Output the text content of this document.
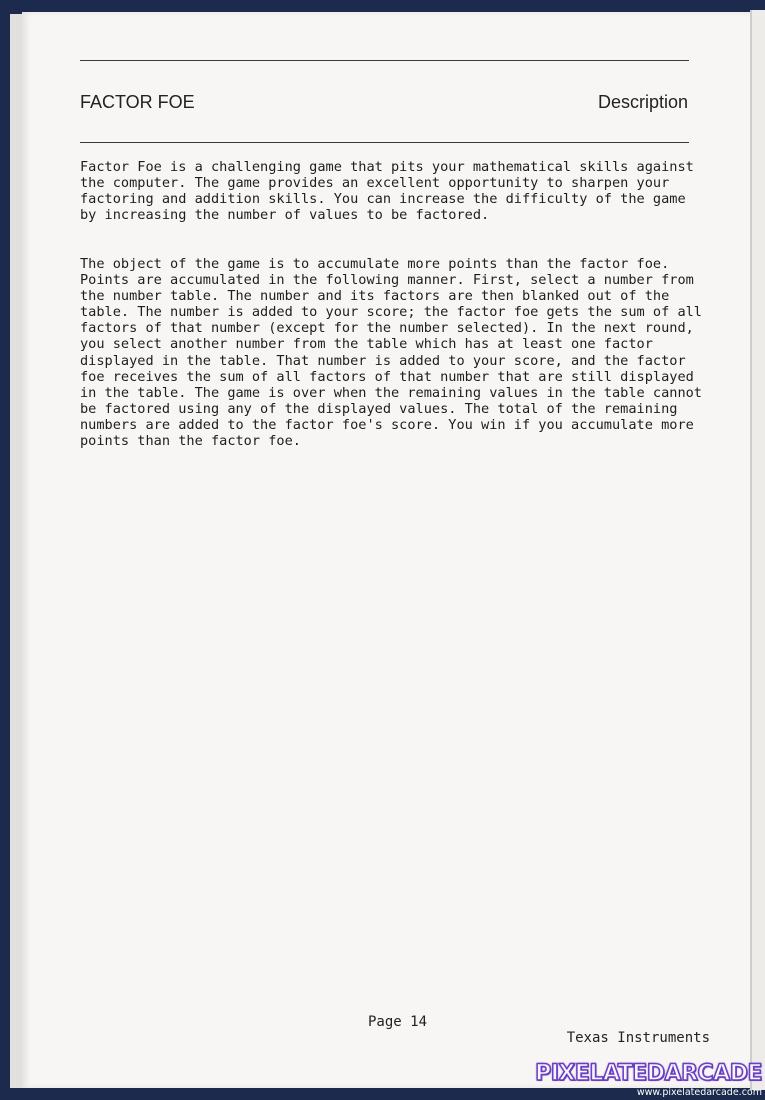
FACTOR FOE	Description

Factor Foe is a challenging game that pits your mathematical skills against the computer. The game provides an excellent opportunity to sharpen your factoring and addition skills. You can increase the difficulty of the game by increasing the number of values to be factored.

The object of the game is to accumulate more points than the factor foe. Points are accumulated in the following manner. First, select a number from the number table. The number and its factors are then blanked out of the table. The number is added to your score; the factor foe gets the sum of all factors of that number (except for the number selected). In the next round, you select another number from the table which has at least one factor displayed in the table. That number is added to your score, and the factor foe receives the sum of all factors of that number that are still displayed in the table. The game is over when the remaining values in the table cannot be factored using any of the displayed values. The total of the remaining numbers are added to the factor foe's score. You win if you accumulate more points than the factor foe.

Page 14
Texas Instruments
PIXELATEDARCADE
www.pixelatedarcade.com
